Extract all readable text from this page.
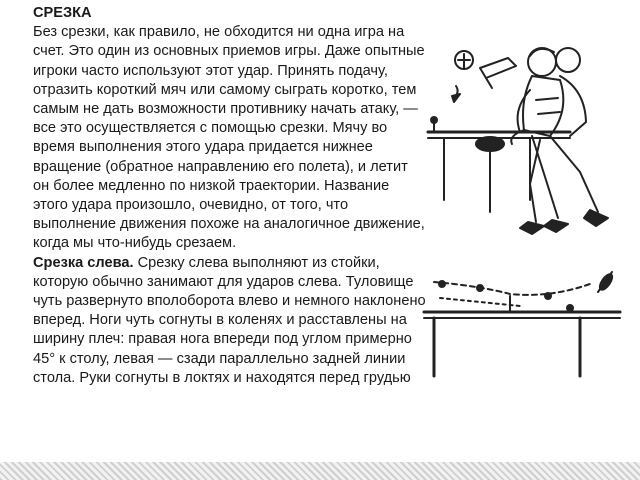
СРЕЗКА

Без срезки, как правило, не обходится ни одна игра на счет. Это один из основных приемов игры. Даже опытные игроки часто используют этот удар. Принять подачу, отразить короткий мяч или самому сыграть коротко, тем самым не дать возможности противнику начать атаку, — все это осуществляется с помощью срезки. Мячу во время выполнения этого удара придается нижнее вращение (обратное направлению его полета), и летит он более медленно по низкой траектории. Название этого удара произошло, очевидно, от того, что выполнение движения похоже на аналогичное движение, когда мы что-нибудь срезаем.

Срезка слева. Срезку слева выполняют из стойки, которую обычно занимают для ударов слева. Туловище чуть развернуто вполоборота влево и немного наклонено вперед. Ноги чуть согнуты в коленях и расставлены на ширину плеч: правая нога впереди под углом примерно 45° к столу, левая — сзади параллельно задней линии стола. Руки согнуты в локтях и находятся перед грудью
